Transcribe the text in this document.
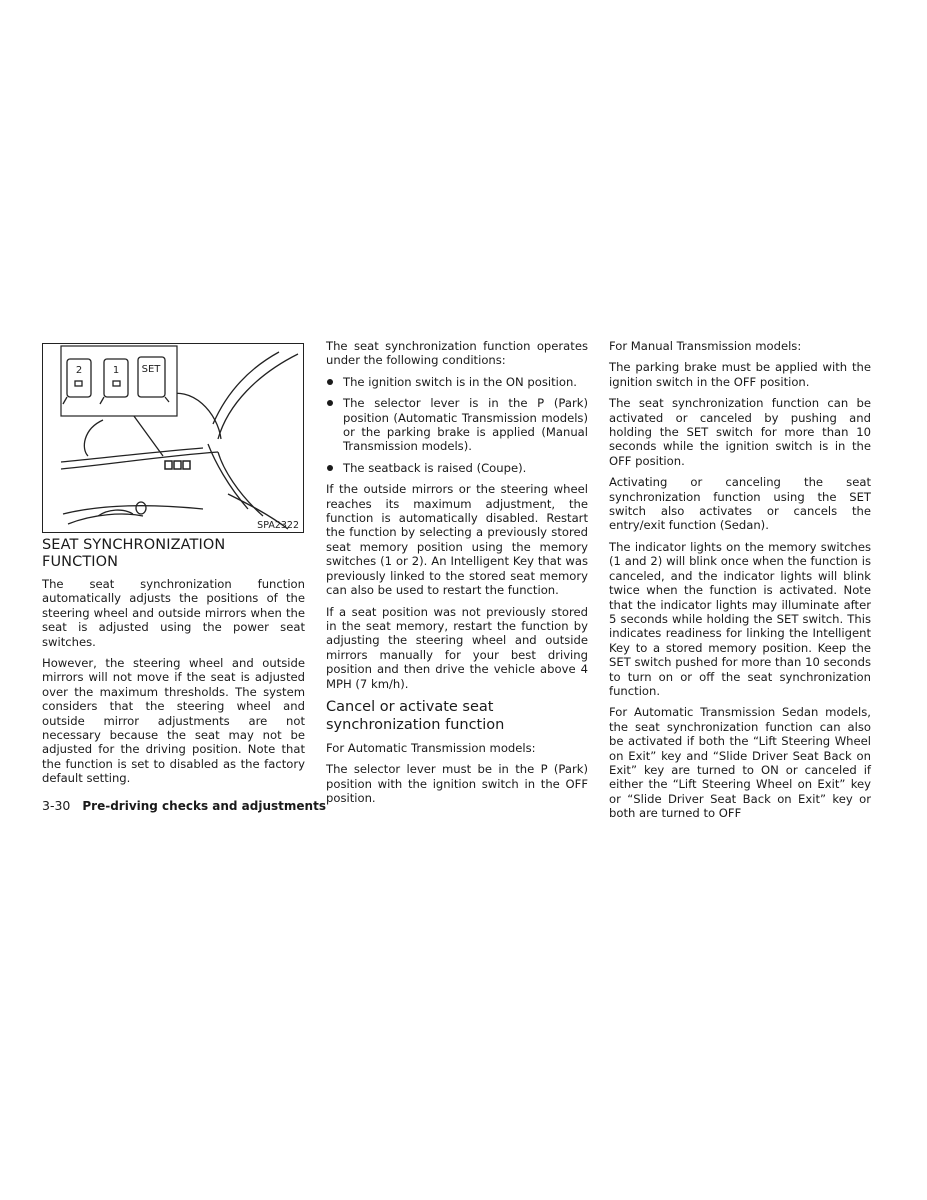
2	1 SET
SPA2322
SEAT SYNCHRONIZATION FUNCTION

The seat synchronization function automatically adjusts the positions of the steering wheel and outside mirrors when the seat is adjusted using the power seat switches.

However, the steering wheel and outside mirrors will not move if the seat is adjusted over the maximum thresholds. The system considers that the steering wheel and outside mirror adjustments are not necessary because the seat may not be adjusted for the driving position. Note that the function is set to disabled as the factory default setting.

The seat synchronization function operates under the following conditions:

The ignition switch is in the ON position.
The selector lever is in the P (Park) position (Automatic Transmission models) or the parking brake is applied (Manual Transmission models).
The seatback is raised (Coupe).

If the outside mirrors or the steering wheel reaches its maximum adjustment, the function is automatically disabled. Restart the function by selecting a previously stored seat memory position using the memory switches (1 or 2). An Intelligent Key that was previously linked to the stored seat memory can also be used to restart the function.

If a seat position was not previously stored in the seat memory, restart the function by adjusting the steering wheel and outside mirrors manually for your best driving position and then drive the vehicle above 4 MPH (7 km/h).

Cancel or activate seat synchronization function

For Automatic Transmission models:

The selector lever must be in the P (Park) position with the ignition switch in the OFF position.

For Manual Transmission models:

The parking brake must be applied with the ignition switch in the OFF position.

The seat synchronization function can be activated or canceled by pushing and holding the SET switch for more than 10 seconds while the ignition switch is in the OFF position.

Activating or canceling the seat synchronization function using the SET switch also activates or cancels the entry/exit function (Sedan).

The indicator lights on the memory switches (1 and 2) will blink once when the function is canceled, and the indicator lights will blink twice when the function is activated. Note that the indicator lights may illuminate after 5 seconds while holding the SET switch. This indicates readiness for linking the Intelligent Key to a stored memory position. Keep the SET switch pushed for more than 10 seconds to turn on or off the seat synchronization function.

For Automatic Transmission Sedan models, the seat synchronization function can also be activated if both the “Lift Steering Wheel on Exit” key and “Slide Driver Seat Back on Exit” key are turned to ON or canceled if either the “Lift Steering Wheel on Exit” key or “Slide Driver Seat Back on Exit” key or both are turned to OFF

3-30 Pre-driving checks and adjustments
